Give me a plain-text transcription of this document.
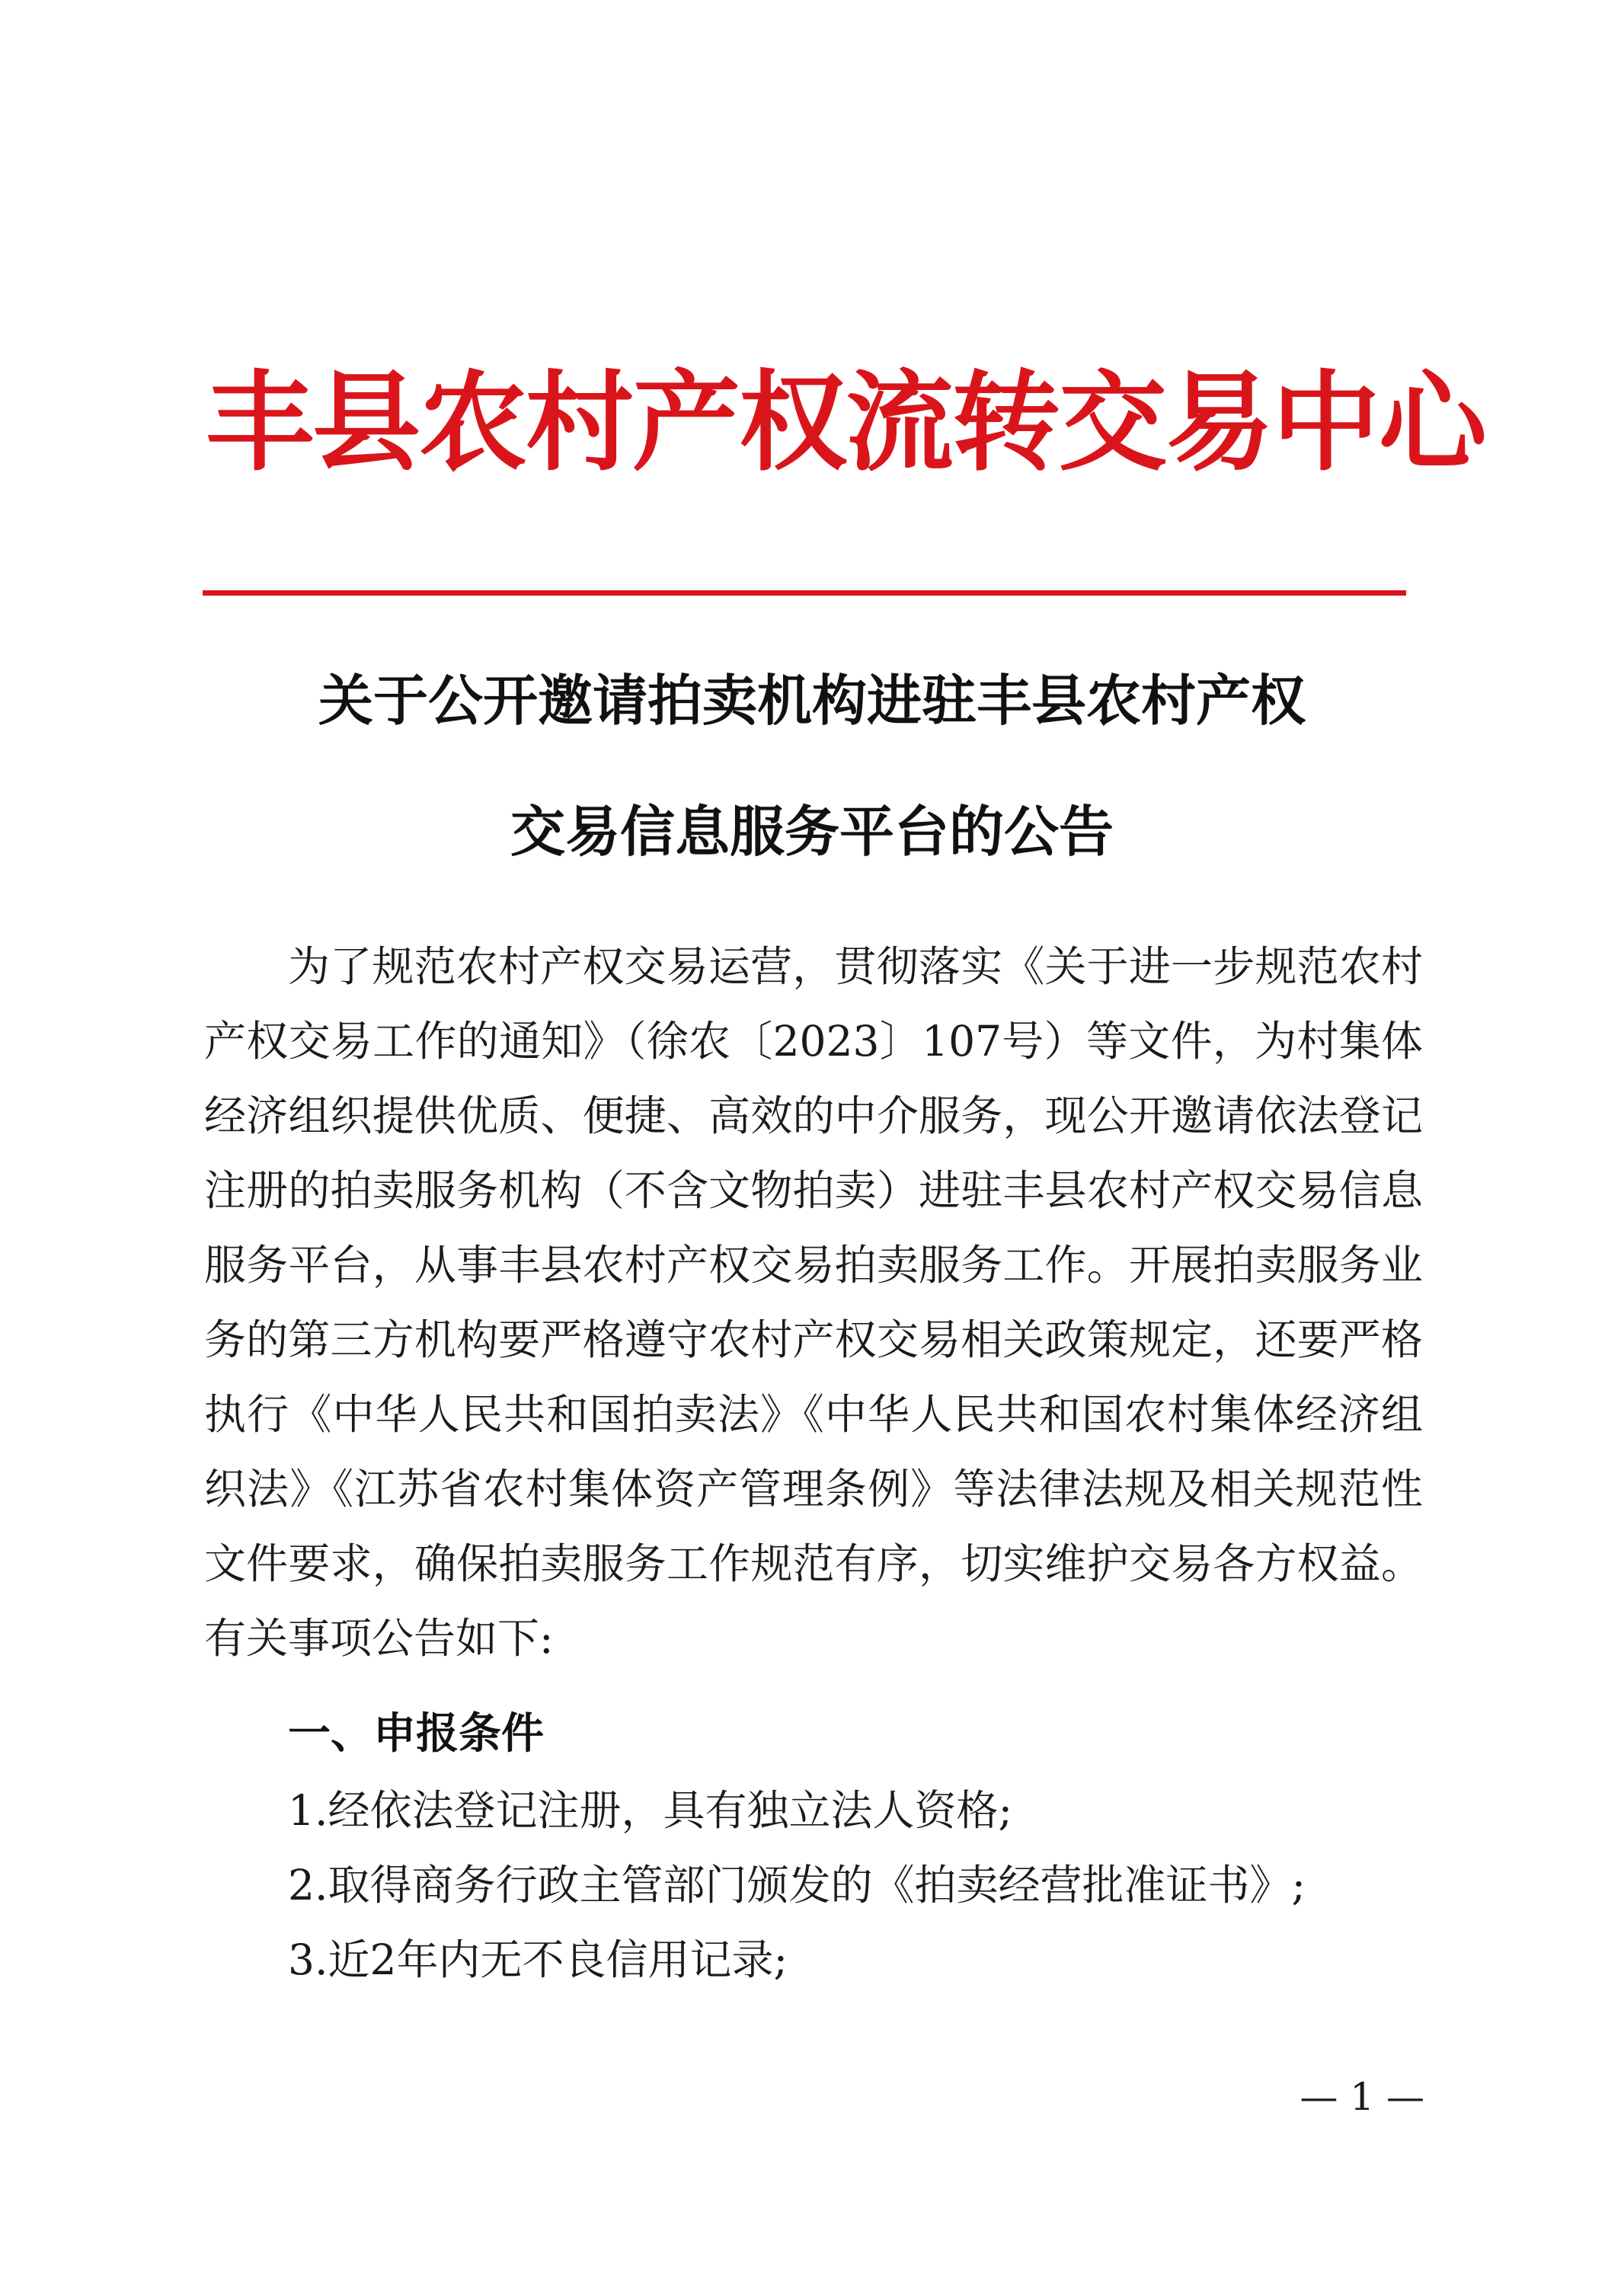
丰县农村产权流转交易中心
关于公开邀请拍卖机构进驻丰县农村产权
交易信息服务平台的公告

为了规范农村产权交易运营，贯彻落实《关于进一步规范农村产权交易工作的通知》（徐农〔2023〕107号）等文件，为村集体经济组织提供优质、便捷、高效的中介服务，现公开邀请依法登记注册的拍卖服务机构（不含文物拍卖）进驻丰县农村产权交易信息服务平台，从事丰县农村产权交易拍卖服务工作。开展拍卖服务业务的第三方机构要严格遵守农村产权交易相关政策规定，还要严格执行《中华人民共和国拍卖法》《中华人民共和国农村集体经济组织法》《江苏省农村集体资产管理条例》等法律法规及相关规范性文件要求，确保拍卖服务工作规范有序，切实维护交易各方权益。有关事项公告如下:

一、申报条件
1.经依法登记注册，具有独立法人资格;
2.取得商务行政主管部门颁发的《拍卖经营批准证书》;
3.近2年内无不良信用记录;
— 1 —
